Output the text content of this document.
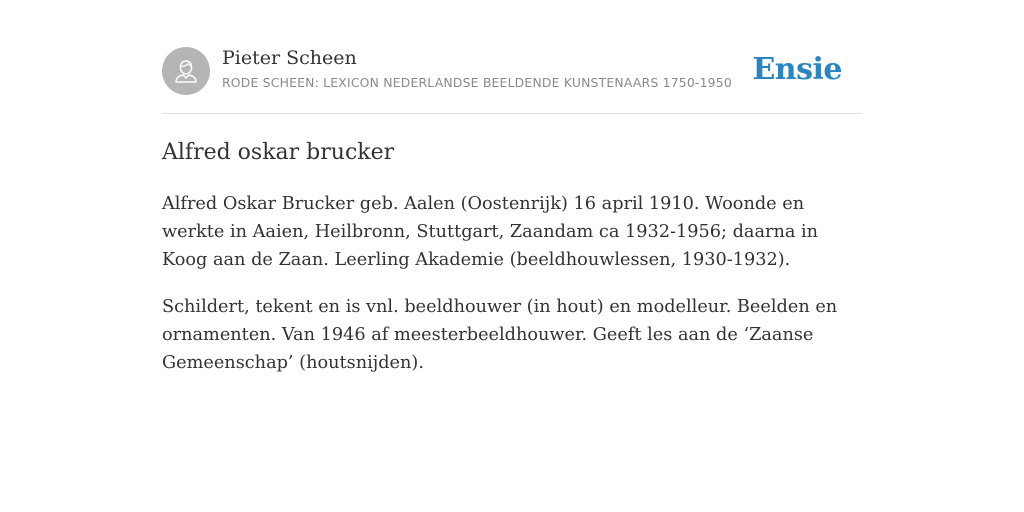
Pieter Scheen
RODE SCHEEN: LEXICON NEDERLANDSE BEELDENDE KUNSTENAARS 1750-1950 Ensie
Alfred oskar brucker

Alfred Oskar Brucker geb. Aalen (Oostenrijk) 16 april 1910. Woonde en werkte in Aaien, Heilbronn, Stuttgart, Zaandam ca 1932-1956; daarna in Koog aan de Zaan. Leerling Akademie (beeldhouwlessen, 1930-1932).

Schildert, tekent en is vnl. beeldhouwer (in hout) en modelleur. Beelden en ornamenten. Van 1946 af meesterbeeldhouwer. Geeft les aan de ‘Zaanse Gemeenschap’ (houtsnijden).
